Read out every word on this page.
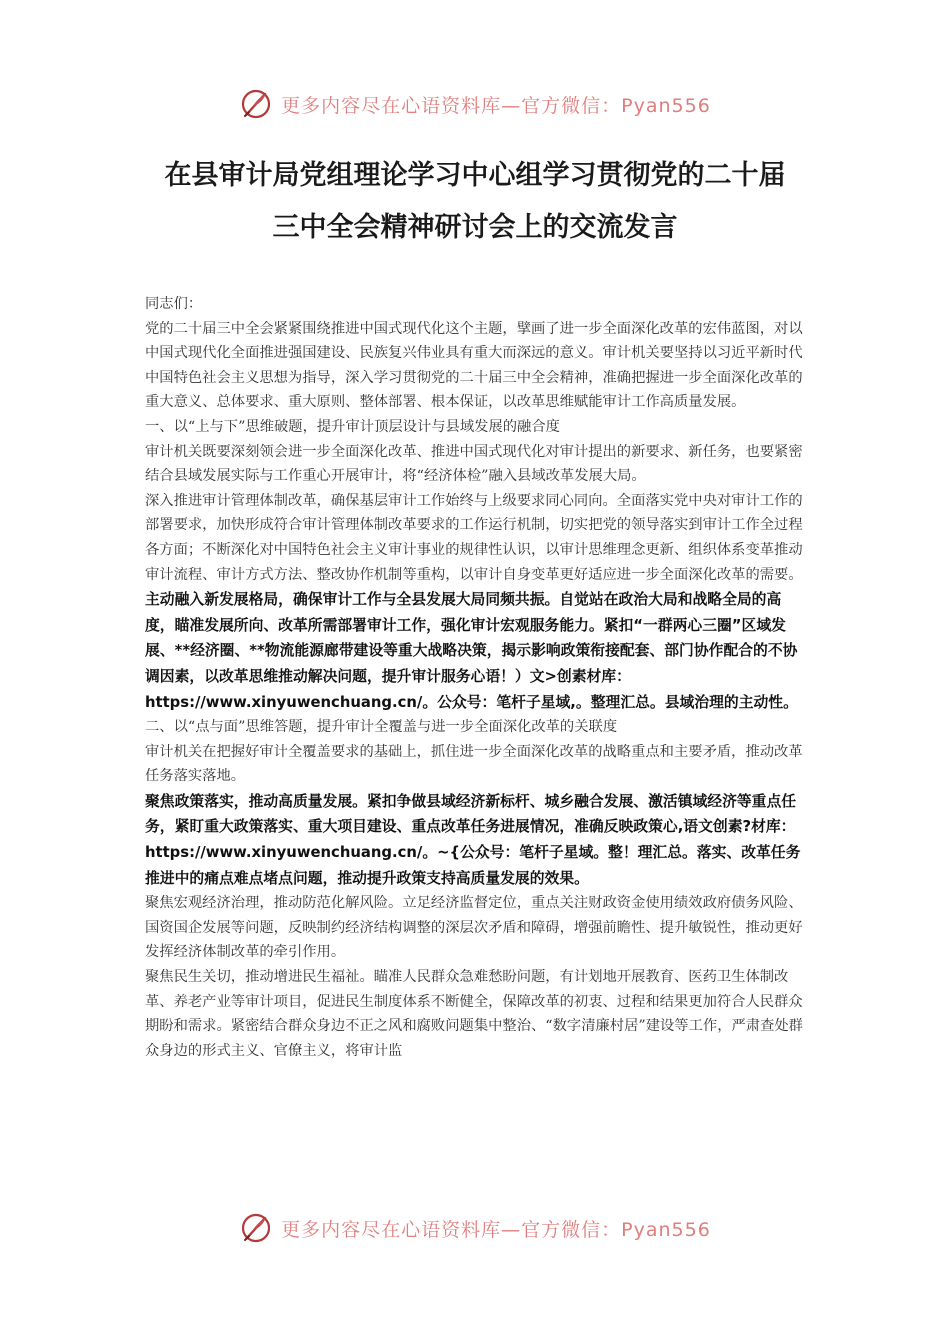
更多内容尽在心语资料库—官方微信：Pyan556
在县审计局党组理论学习中心组学习贯彻党的二十届
三中全会精神研讨会上的交流发言

同志们：

党的二十届三中全会紧紧围绕推进中国式现代化这个主题，擘画了进一步全面深化改革的宏伟蓝图，对以中国式现代化全面推进强国建设、民族复兴伟业具有重大而深远的意义。审计机关要坚持以习近平新时代中国特色社会主义思想为指导，深入学习贯彻党的二十届三中全会精神，准确把握进一步全面深化改革的重大意义、总体要求、重大原则、整体部署、根本保证，以改革思维赋能审计工作高质量发展。

一、以“上与下”思维破题，提升审计顶层设计与县域发展的融合度

审计机关既要深刻领会进一步全面深化改革、推进中国式现代化对审计提出的新要求、新任务，也要紧密结合县域发展实际与工作重心开展审计，将“经济体检”融入县域改革发展大局。

深入推进审计管理体制改革，确保基层审计工作始终与上级要求同心同向。全面落实党中央对审计工作的部署要求，加快形成符合审计管理体制改革要求的工作运行机制，切实把党的领导落实到审计工作全过程各方面；不断深化对中国特色社会主义审计事业的规律性认识，以审计思维理念更新、组织体系变革推动审计流程、审计方式方法、整改协作机制等重构，以审计自身变革更好适应进一步全面深化改革的需要。

主动融入新发展格局，确保审计工作与全县发展大局同频共振。自觉站在政治大局和战略全局的高度，瞄准发展所向、改革所需部署审计工作，强化审计宏观服务能力。紧扣“一群两心三圈”区域发展、**经济圈、**物流能源廊带建设等重大战略决策，揭示影响政策衔接配套、部门协作配合的不协调因素，以改革思维推动解决问题，提升审计服务心语！）文>创素材库：https://www.xinyuwenchuang.cn/。公众号：笔杆子星域,。整理汇总。县域治理的主动性。

二、以“点与面”思维答题，提升审计全覆盖与进一步全面深化改革的关联度

审计机关在把握好审计全覆盖要求的基础上，抓住进一步全面深化改革的战略重点和主要矛盾，推动改革任务落实落地。

聚焦政策落实，推动高质量发展。紧扣争做县域经济新标杆、城乡融合发展、激活镇域经济等重点任务，紧盯重大政策落实、重大项目建设、重点改革任务进展情况，准确反映政策心,语文创素?材库：https://www.xinyuwenchuang.cn/。~{公众号：笔杆子星域。整！理汇总。落实、改革任务推进中的痛点难点堵点问题，推动提升政策支持高质量发展的效果。

聚焦宏观经济治理，推动防范化解风险。立足经济监督定位，重点关注财政资金使用绩效政府债务风险、国资国企发展等问题，反映制约经济结构调整的深层次矛盾和障碍，增强前瞻性、提升敏锐性，推动更好发挥经济体制改革的牵引作用。

聚焦民生关切，推动增进民生福祉。瞄准人民群众急难愁盼问题，有计划地开展教育、医药卫生体制改革、养老产业等审计项目，促进民生制度体系不断健全，保障改革的初衷、过程和结果更加符合人民群众期盼和需求。紧密结合群众身边不正之风和腐败问题集中整治、“数字清廉村居”建设等工作，严肃查处群众身边的形式主义、官僚主义，将审计监

更多内容尽在心语资料库—官方微信：Pyan556
